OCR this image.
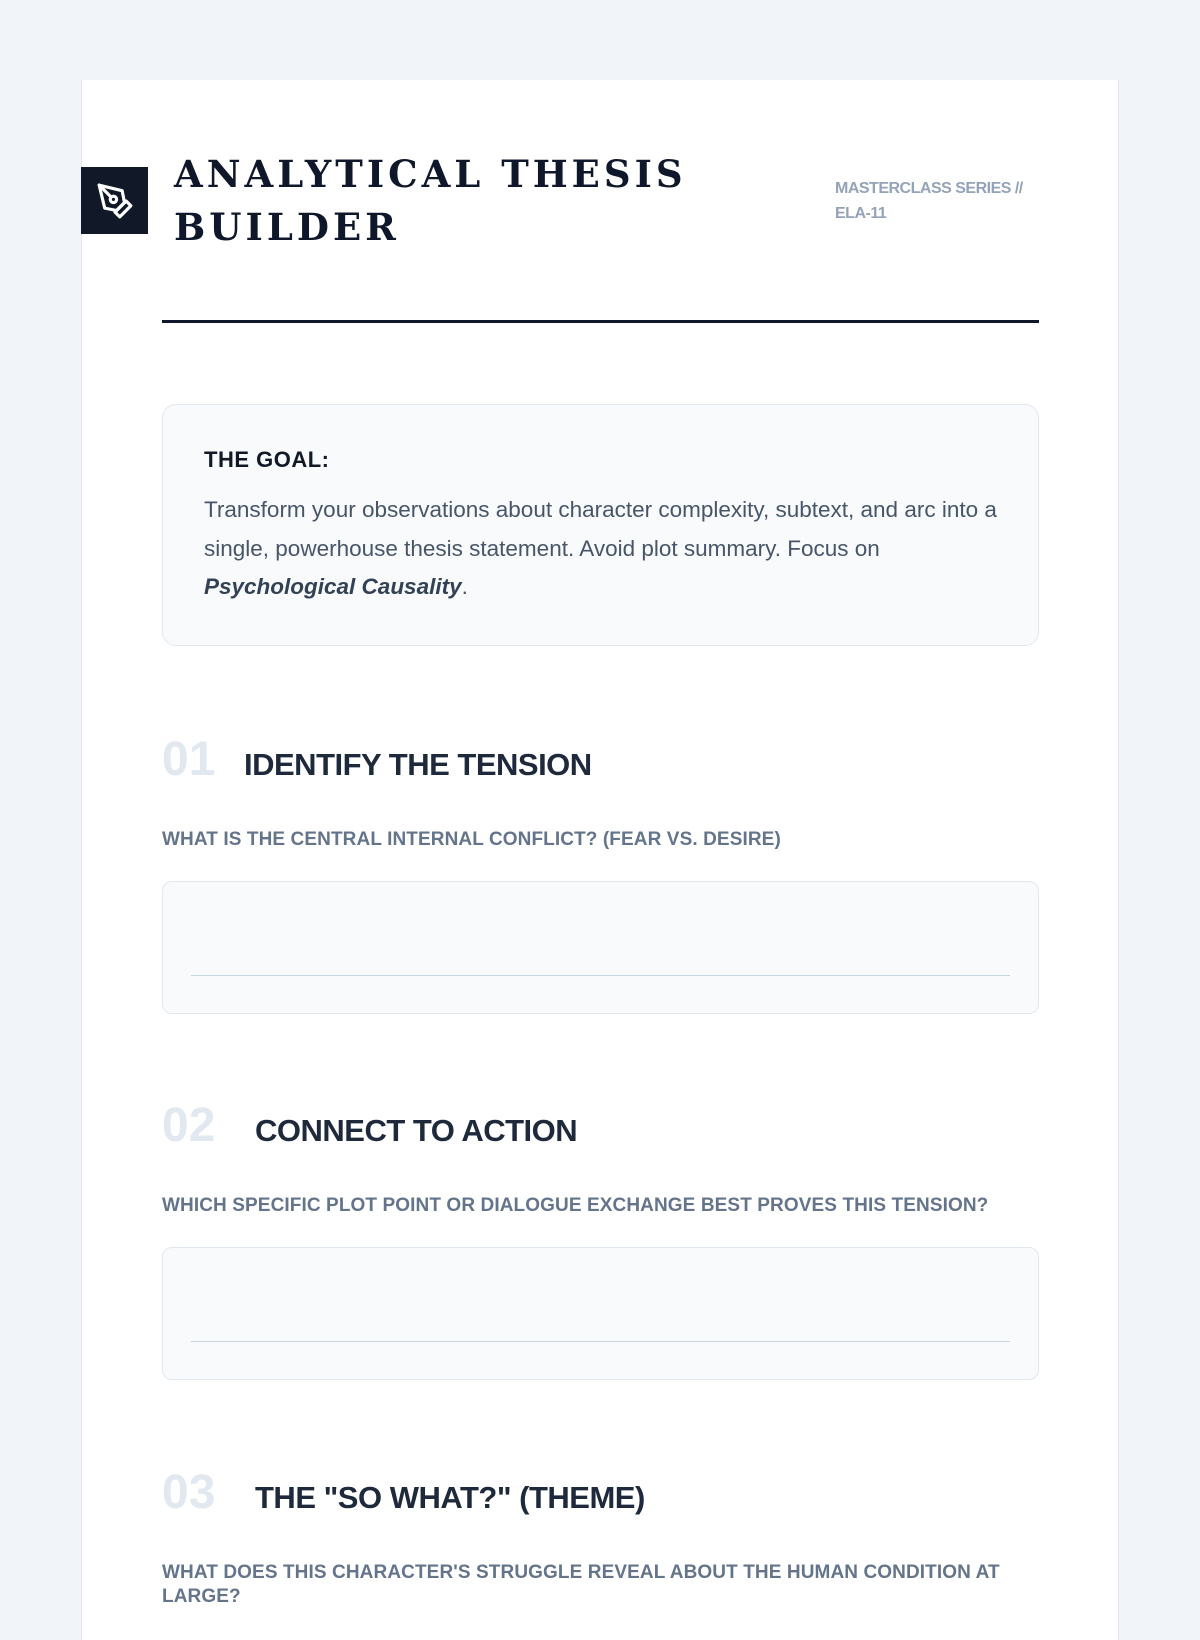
ANALYTICAL THESIS
BUILDER
MASTERCLASS SERIES //
ELA-11
THE GOAL:

Transform your observations about character complexity, subtext, and arc into a single, powerhouse thesis statement. Avoid plot summary. Focus on Psychological Causality.

01 IDENTIFY THE TENSION

WHAT IS THE CENTRAL INTERNAL CONFLICT? (FEAR VS. DESIRE)

02 CONNECT TO ACTION

WHICH SPECIFIC PLOT POINT OR DIALOGUE EXCHANGE BEST PROVES THIS TENSION?

03 THE "SO WHAT?" (THEME)

WHAT DOES THIS CHARACTER'S STRUGGLE REVEAL ABOUT THE HUMAN CONDITION AT LARGE?
